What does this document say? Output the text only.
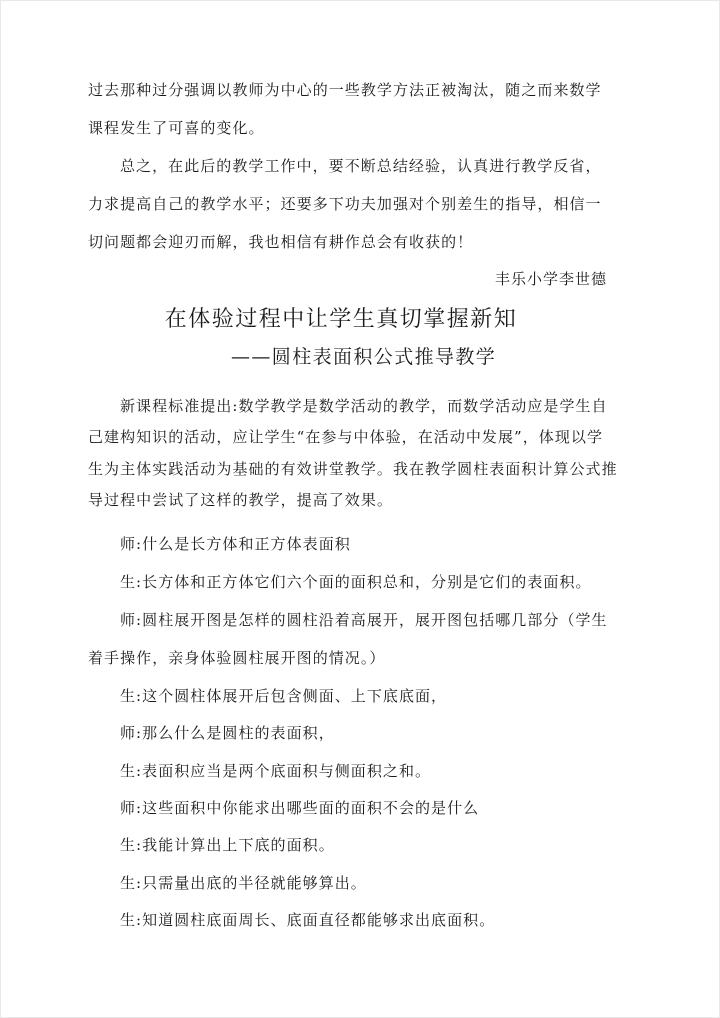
过去那种过分强调以教师为中心的一些教学方法正被淘汰，随之而来数学
课程发生了可喜的变化。
总之，在此后的教学工作中，要不断总结经验，认真进行教学反省，
力求提高自己的教学水平；还要多下功夫加强对个别差生的指导，相信一
切问题都会迎刃而解，我也相信有耕作总会有收获的！
丰乐小学李世德
在体验过程中让学生真切掌握新知
——圆柱表面积公式推导教学
新课程标准提出:数学教学是数学活动的教学，而数学活动应是学生自
己建构知识的活动，应让学生“在参与中体验，在活动中发展”，体现以学
生为主体实践活动为基础的有效讲堂教学。我在教学圆柱表面积计算公式推
导过程中尝试了这样的教学，提高了效果。
师:什么是长方体和正方体表面积
生:长方体和正方体它们六个面的面积总和，分别是它们的表面积。
师:圆柱展开图是怎样的圆柱沿着高展开，展开图包括哪几部分（学生
着手操作，亲身体验圆柱展开图的情况。）
生:这个圆柱体展开后包含侧面、上下底底面，
师:那么什么是圆柱的表面积，
生:表面积应当是两个底面积与侧面积之和。
师:这些面积中你能求出哪些面的面积不会的是什么
生:我能计算出上下底的面积。
生:只需量出底的半径就能够算出。
生:知道圆柱底面周长、底面直径都能够求出底面积。
